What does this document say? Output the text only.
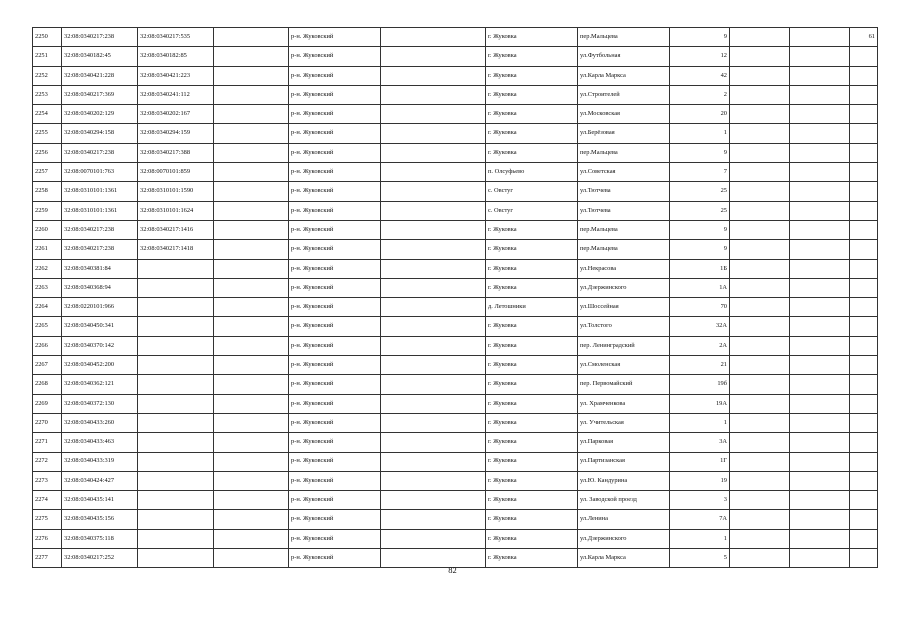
2250	32:08:0340217:238	32:08:0340217:535		р-н. Жуковский		г. Жуковка	пер.Мальцева	9			61
2251	32:08:0340182:45	32:08:0340182:85		р-н. Жуковский		г. Жуковка	ул.Футбольная	12			
2252	32:08:0340421:228	32:08:0340421:223		р-н. Жуковский		г. Жуковка	ул.Карла Маркса	42			
2253	32:08:0340217:369	32:08:0340241:112		р-н. Жуковский		г. Жуковка	ул.Строителей	2			
2254	32:08:0340202:129	32:08:0340202:167		р-н. Жуковский		г. Жуковка	ул.Московская	20			
2255	32:08:0340294:158	32:08:0340294:159		р-н. Жуковский		г. Жуковка	ул.Берёзовая	1			
2256	32:08:0340217:238	32:08:0340217:388		р-н. Жуковский		г. Жуковка	пер.Мальцева	9			
2257	32:08:0070101:763	32:08:0070101:859		р-н. Жуковский		п. Олсуфьево	ул.Советская	7			
2258	32:08:0310101:1361	32:08:0310101:1590		р-н. Жуковский		с. Овстуг	ул.Тютчева	25			
2259	32:08:0310101:1361	32:08:0310101:1624		р-н. Жуковский		с. Овстуг	ул.Тютчева	25			
2260	32:08:0340217:238	32:08:0340217:1416		р-н. Жуковский		г. Жуковка	пер.Мальцева	9			
2261	32:08:0340217:238	32:08:0340217:1418		р-н. Жуковский		г. Жуковка	пер.Мальцева	9			
2262	32:08:0340381:84			р-н. Жуковский		г. Жуковка	ул.Некрасова	1Б			
2263	32:08:0340368:94			р-н. Жуковский		г. Жуковка	ул.Дзержинского	1А			
2264	32:08:0220101:966			р-н. Жуковский		д. Летошники	ул.Шоссейная	70			
2265	32:08:0340450:341			р-н. Жуковский		г. Жуковка	ул.Толстого	32А			
2266	32:08:0340370:142			р-н. Жуковский		г. Жуковка	пер. Ленинградский	2А			
2267	32:08:0340452:200			р-н. Жуковский		г. Жуковка	ул.Смоленская	21			
2268	32:08:0340362:121			р-н. Жуковский		г. Жуковка	пер. Первомайский	19б			
2269	32:08:0340372:130			р-н. Жуковский		г. Жуковка	ул. Храмченкова	19А			
2270	32:08:0340433:260			р-н. Жуковский		г. Жуковка	ул. Учительская	1			
2271	32:08:0340433:463			р-н. Жуковский		г. Жуковка	ул.Парковая	3А			
2272	32:08:0340433:319			р-н. Жуковский		г. Жуковка	ул.Партизанская	1Г			
2273	32:08:0340424:427			р-н. Жуковский		г. Жуковка	ул.Ю. Кандурина	19			
2274	32:08:0340435:141			р-н. Жуковский		г. Жуковка	ул. Заводской проезд	3			
2275	32:08:0340435:156			р-н. Жуковский		г. Жуковка	ул.Ленина	7А			
2276	32:08:0340375:118			р-н. Жуковский		г. Жуковка	ул.Дзержинского	1			
2277	32:08:0340217:252			р-н. Жуковский		г. Жуковка	ул.Карла Маркса	5			
82
